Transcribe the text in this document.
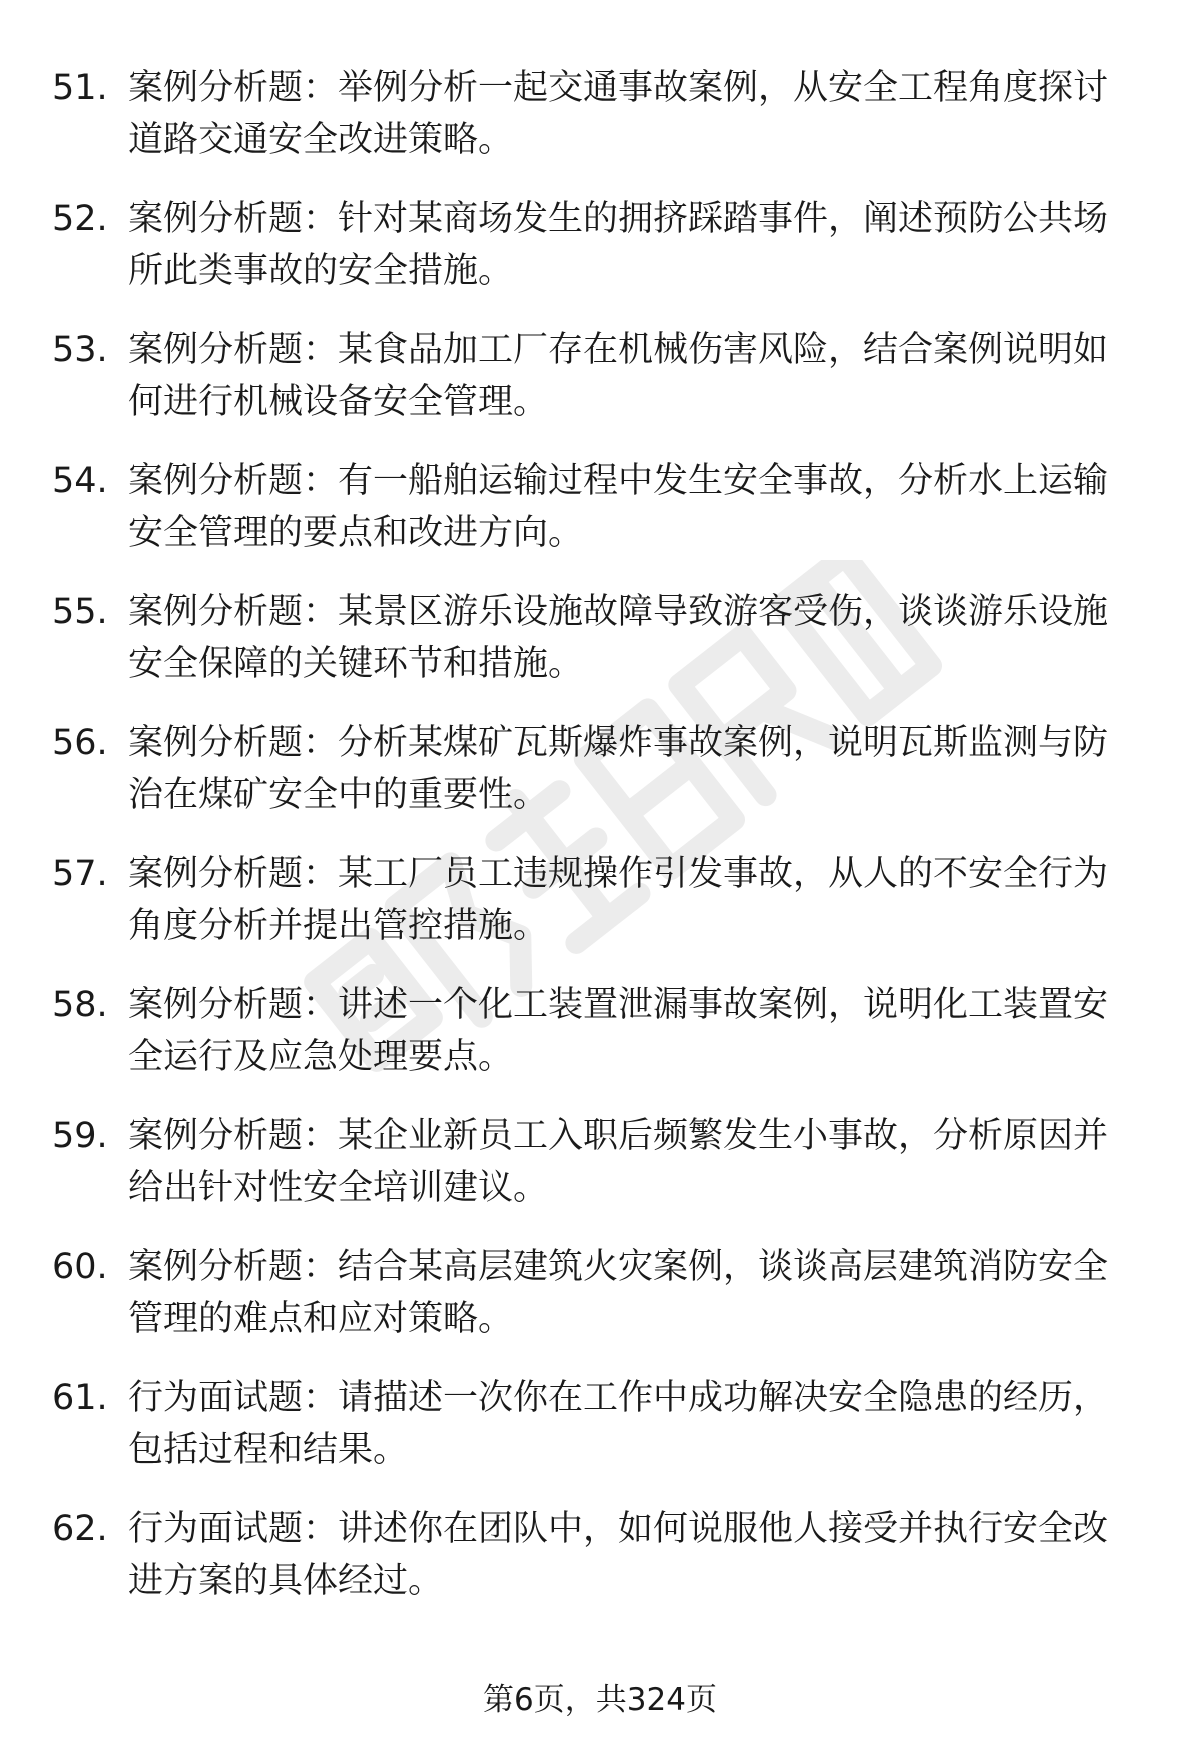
51. 案例分析题：举例分析一起交通事故案例，从安全工程角度探讨道路交通安全改进策略。

52. 案例分析题：针对某商场发生的拥挤踩踏事件，阐述预防公共场所此类事故的安全措施。

53. 案例分析题：某食品加工厂存在机械伤害风险，结合案例说明如何进行机械设备安全管理。

54. 案例分析题：有一船舶运输过程中发生安全事故，分析水上运输安全管理的要点和改进方向。

55. 案例分析题：某景区游乐设施故障导致游客受伤，谈谈游乐设施安全保障的关键环节和措施。

56. 案例分析题：分析某煤矿瓦斯爆炸事故案例，说明瓦斯监测与防治在煤矿安全中的重要性。

57. 案例分析题：某工厂员工违规操作引发事故，从人的不安全行为角度分析并提出管控措施。

58. 案例分析题：讲述一个化工装置泄漏事故案例，说明化工装置安全运行及应急处理要点。

59. 案例分析题：某企业新员工入职后频繁发生小事故，分析原因并给出针对性安全培训建议。

60. 案例分析题：结合某高层建筑火灾案例，谈谈高层建筑消防安全管理的难点和应对策略。

61. 行为面试题：请描述一次你在工作中成功解决安全隐患的经历，包括过程和结果。

62. 行为面试题：讲述你在团队中，如何说服他人接受并执行安全改进方案的具体经过。

第6页，共324页
